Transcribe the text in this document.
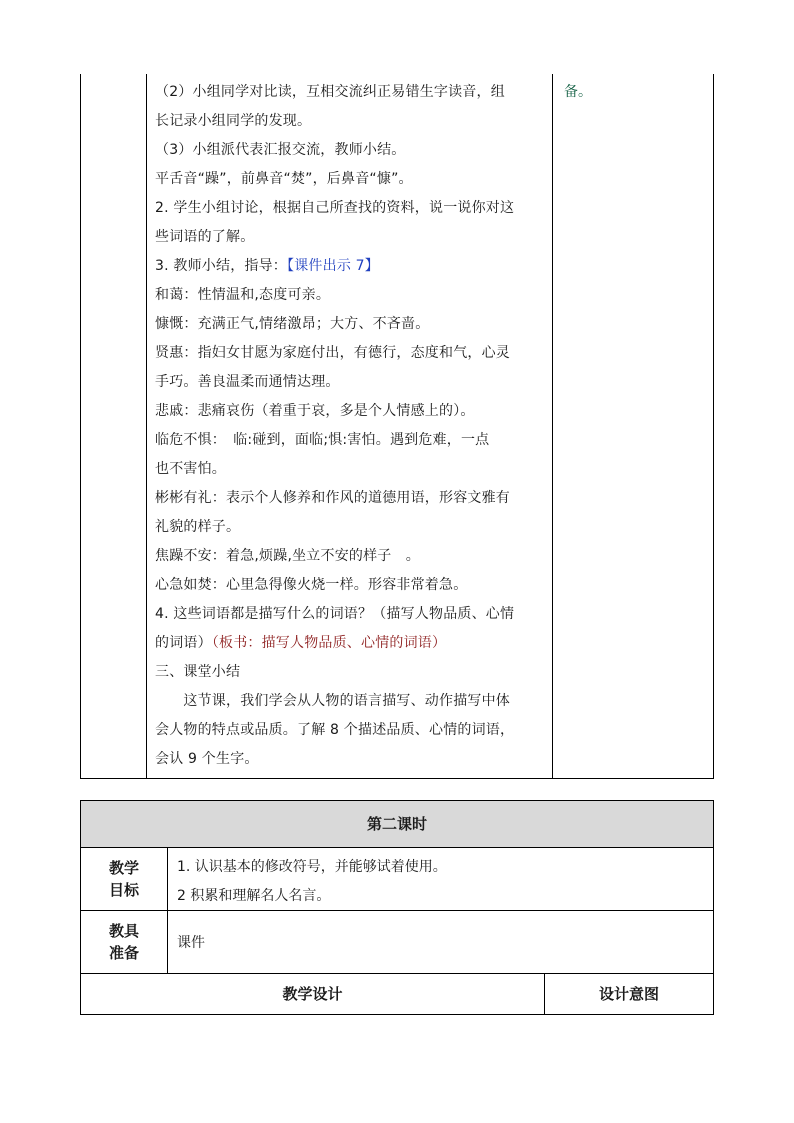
（2）小组同学对比读，互相交流纠正易错生字读音，组
长记录小组同学的发现。
（3）小组派代表汇报交流，教师小结。
平舌音“躁”，前鼻音“焚”，后鼻音“慷”。
2. 学生小组讨论，根据自己所查找的资料，说一说你对这
些词语的了解。
3. 教师小结，指导：【课件出示 7】
和蔼：性情温和,态度可亲。
慷慨：充满正气,情绪激昂；大方、不吝啬。
贤惠：指妇女甘愿为家庭付出，有德行，态度和气，心灵
手巧。善良温柔而通情达理。
悲戚：悲痛哀伤（着重于哀，多是个人情感上的）。
临危不惧：　临:碰到，面临;惧:害怕。遇到危难，一点
也不害怕。
彬彬有礼：表示个人修养和作风的道德用语，形容文雅有
礼貌的样子。
焦躁不安：着急,烦躁,坐立不安的样子　。
心急如焚：心里急得像火烧一样。形容非常着急。
4. 这些词语都是描写什么的词语？（描写人物品质、心情
的词语）（板书：描写人物品质、心情的词语）
三、课堂小结
　　这节课，我们学会从人物的语言描写、动作描写中体
会人物的特点或品质。了解 8 个描述品质、心情的词语，
会认 9 个生字。
备。
第二课时
教学
目标
1. 认识基本的修改符号，并能够试着使用。
2 积累和理解名人名言。
教具
准备
课件
教学设计	设计意图
